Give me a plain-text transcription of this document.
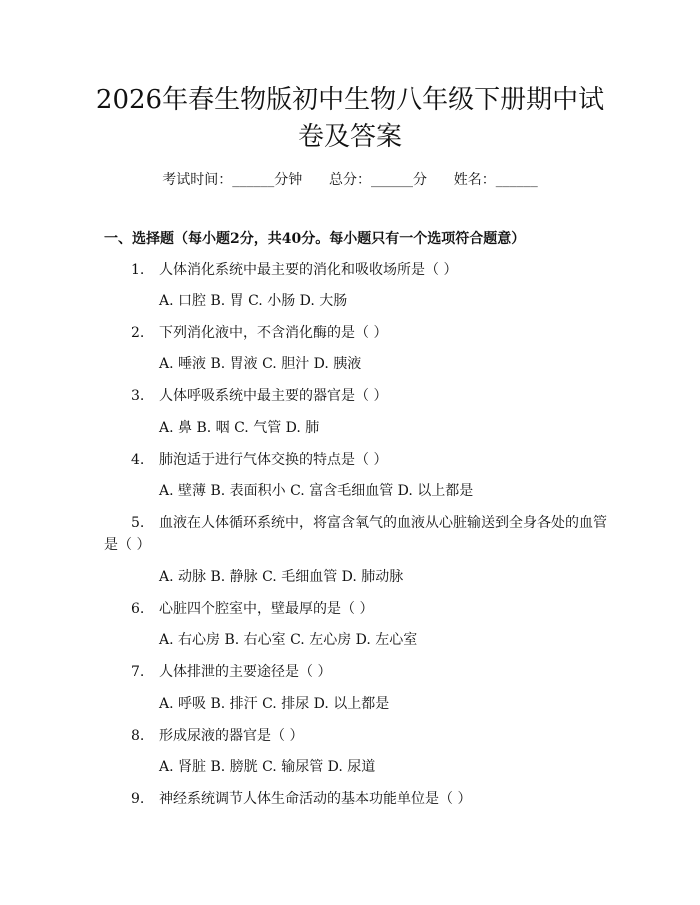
2026年春生物版初中生物八年级下册期中试
卷及答案
考试时间：______分钟 总分：______分 姓名：______
一、选择题（每小题2分，共40分。每小题只有一个选项符合题意）
1. 人体消化系统中最主要的消化和吸收场所是（ ）
A. 口腔 B. 胃 C. 小肠 D. 大肠
2. 下列消化液中，不含消化酶的是（ ）
A. 唾液 B. 胃液 C. 胆汁 D. 胰液
3. 人体呼吸系统中最主要的器官是（ ）
A. 鼻 B. 咽 C. 气管 D. 肺
4. 肺泡适于进行气体交换的特点是（ ）
A. 壁薄 B. 表面积小 C. 富含毛细血管 D. 以上都是
5. 血液在人体循环系统中，将富含氧气的血液从心脏输送到全身各处的血管
是（ ）
A. 动脉 B. 静脉 C. 毛细血管 D. 肺动脉
6. 心脏四个腔室中，壁最厚的是（ ）
A. 右心房 B. 右心室 C. 左心房 D. 左心室
7. 人体排泄的主要途径是（ ）
A. 呼吸 B. 排汗 C. 排尿 D. 以上都是
8. 形成尿液的器官是（ ）
A. 肾脏 B. 膀胱 C. 输尿管 D. 尿道
9. 神经系统调节人体生命活动的基本功能单位是（ ）
